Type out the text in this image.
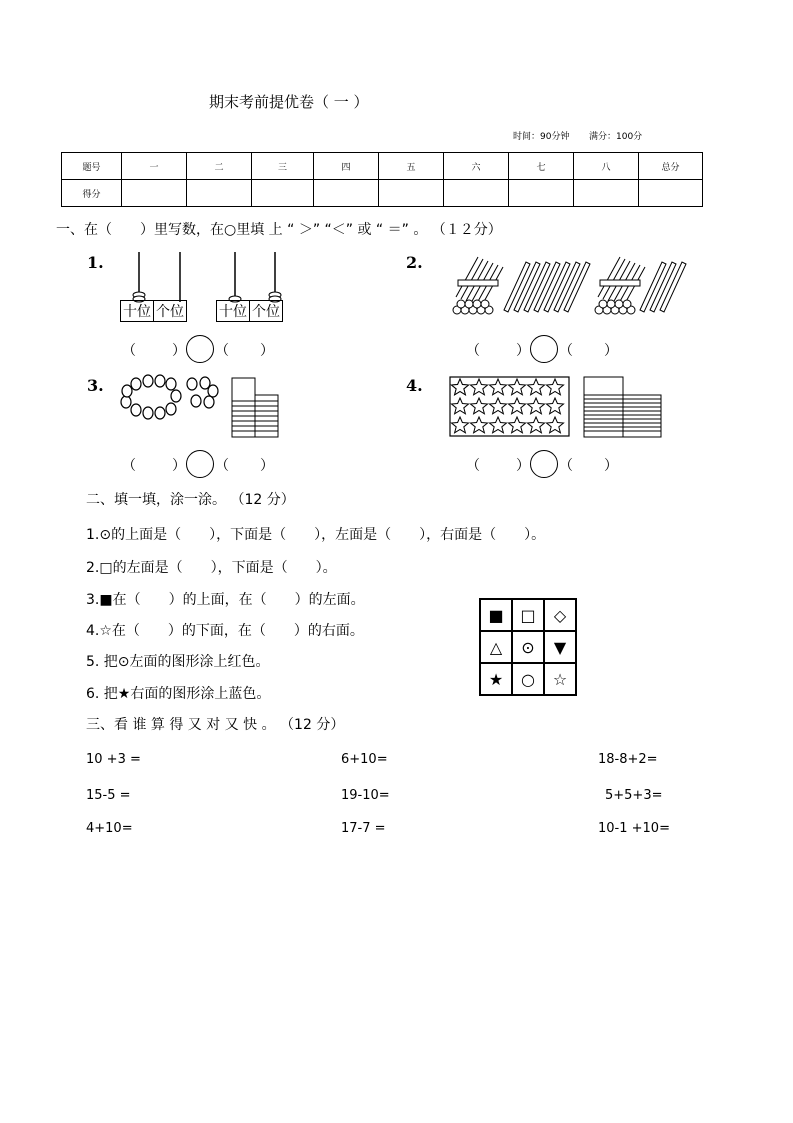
期末考前提优卷（ 一 ）
时间：90分钟 满分：100分
题号	一	二	三	四	五	六	七	八	总分
得分									
一、在（　　）里写数，在○里填 上 “ ＞” “＜” 或 “ ＝” 。 （１２分）
1.	2.
3.	4.
十位 个位	十位 个位
（	） （ ）	（	） （ ）
（	） （ ）	（	） （ ）
二、填一填，涂一涂。 （12 分）
1.⊙的上面是（　　），下面是（　　），左面是（　　），右面是（　　）。
2.□的左面是（　　），下面是（　　）。
3.■在（　　）的上面，在（　　）的左面。
4.☆在（　　）的下面，在（　　）的右面。
5. 把⊙左面的图形涂上红色。
6. 把★右面的图形涂上蓝色。
■	□	◇
△	⊙	▼
★	○	☆
三、看 谁 算 得 又 对 又 快 。 （12 分）
10 +3 =	6+10=	18-8+2=
15-5 =	19-10=	5+5+3=
4+10=	17-7 =	10-1 +10=
